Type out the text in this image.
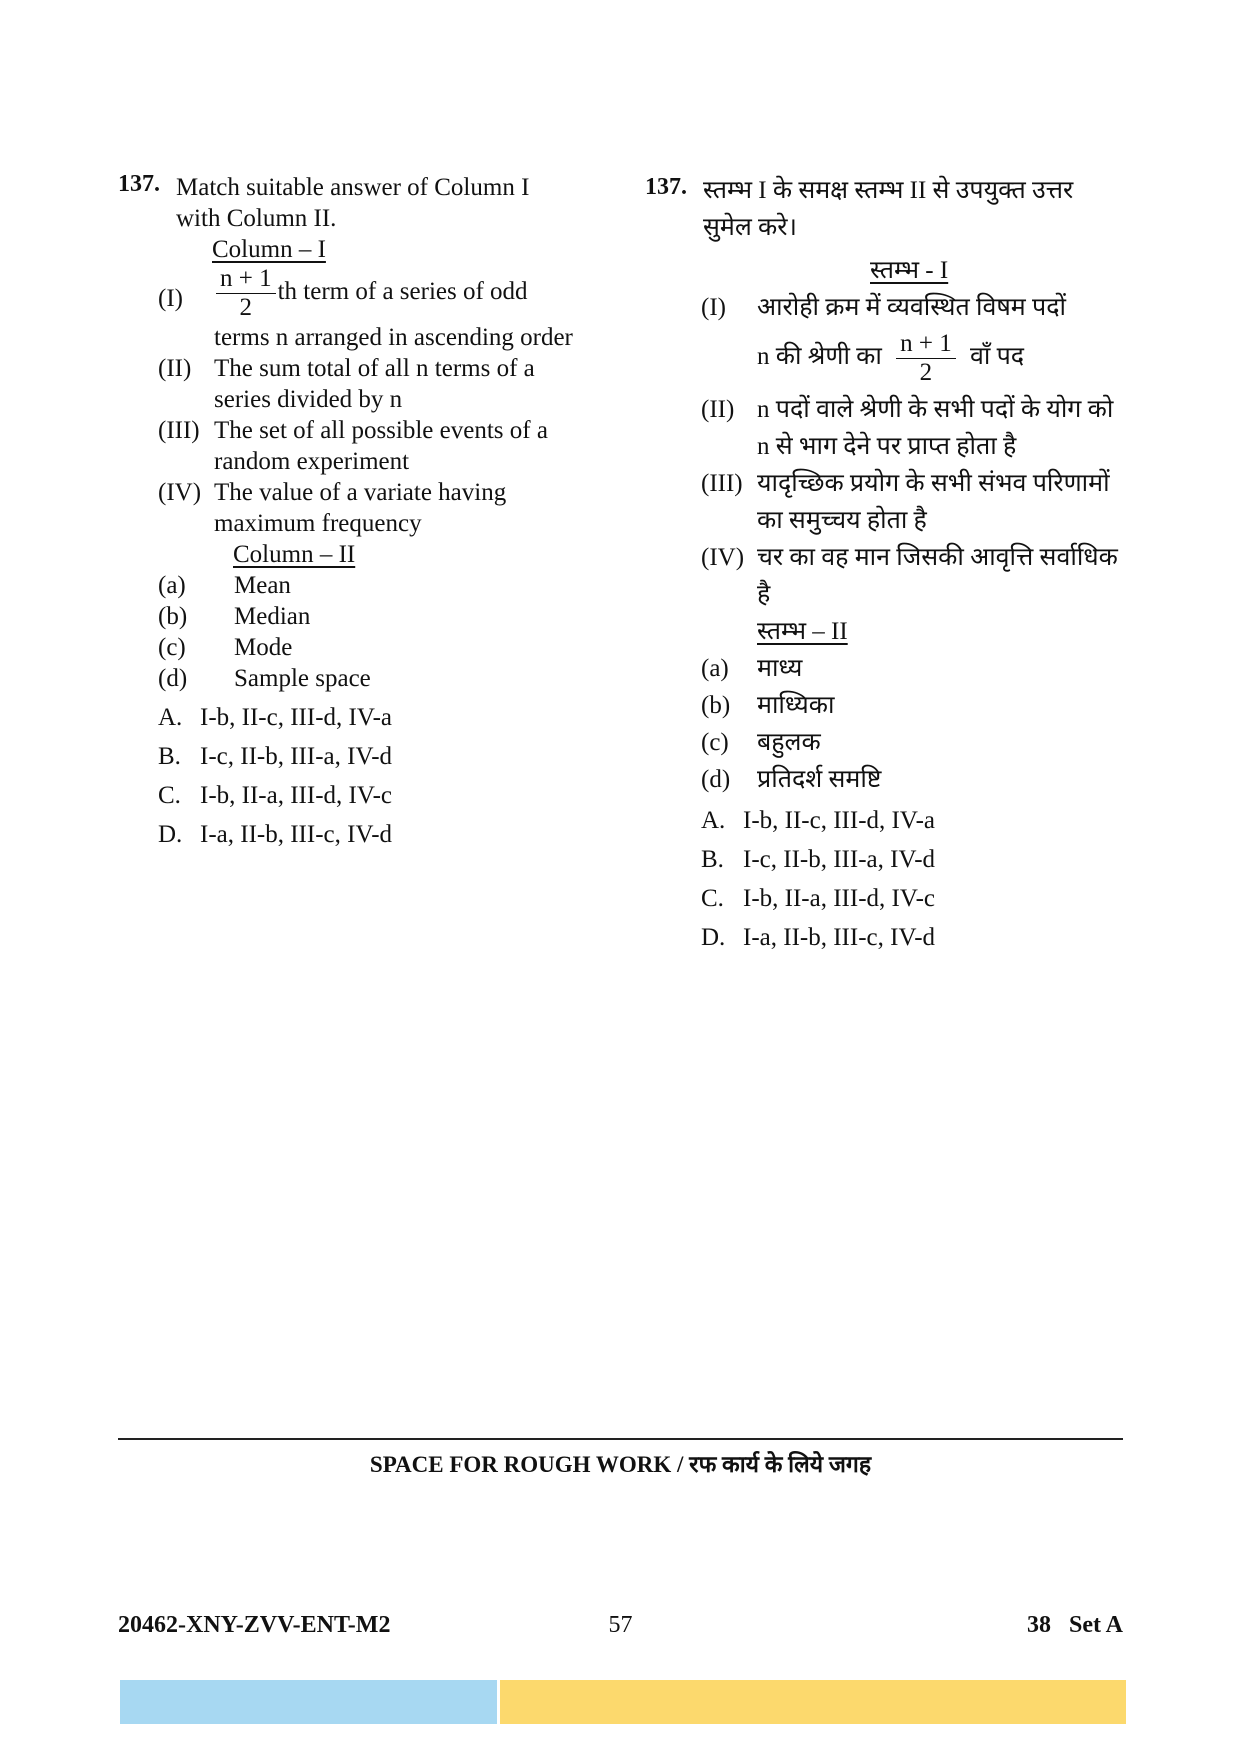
137. Match suitable answer of Column I with Column II.
Column – I
$(I) \frac{n + 1}{2}$ th term of a series of odd
terms n arranged in ascending order
(II) The sum total of all n terms of a series divided by n
(III) The set of all possible events of a random experiment
(IV) The value of a variate having maximum frequency
Column – II
(a) Mean
(b) Median
(c) Mode
(d) Sample space
A. I-b, II-c, III-d, IV-a
B. I-c, II-b, III-a, IV-d
C. I-b, II-a, III-d, IV-c
D. I-a, II-b, III-c, IV-d
137. स्तम्भ I के समक्ष स्तम्भ II से उपयुक्त उत्तर सुमेल करे।
स्तम्भ - I
(I) आरोही क्रम में व्यवस्थित विषम पदों
n की श्रेणी का $\frac{n + 1}{2}$ वाँ पद
(II) n पदों वाले श्रेणी के सभी पदों के योग को n से भाग देने पर प्राप्त होता है
(III) यादृच्छिक प्रयोग के सभी संभव परिणामों का समुच्चय होता है
(IV) चर का वह मान जिसकी आवृत्ति सर्वाधिक है
स्तम्भ – II
(a) माध्य
(b) माध्यिका
(c) बहुलक
(d) प्रतिदर्श समष्टि
A. I-b, II-c, III-d, IV-a
B. I-c, II-b, III-a, IV-d
C. I-b, II-a, III-d, IV-c
D. I-a, II-b, III-c, IV-d
SPACE FOR ROUGH WORK / रफ कार्य के लिये जगह
20462-XNY-ZVV-ENT-M2	57	38   Set A
